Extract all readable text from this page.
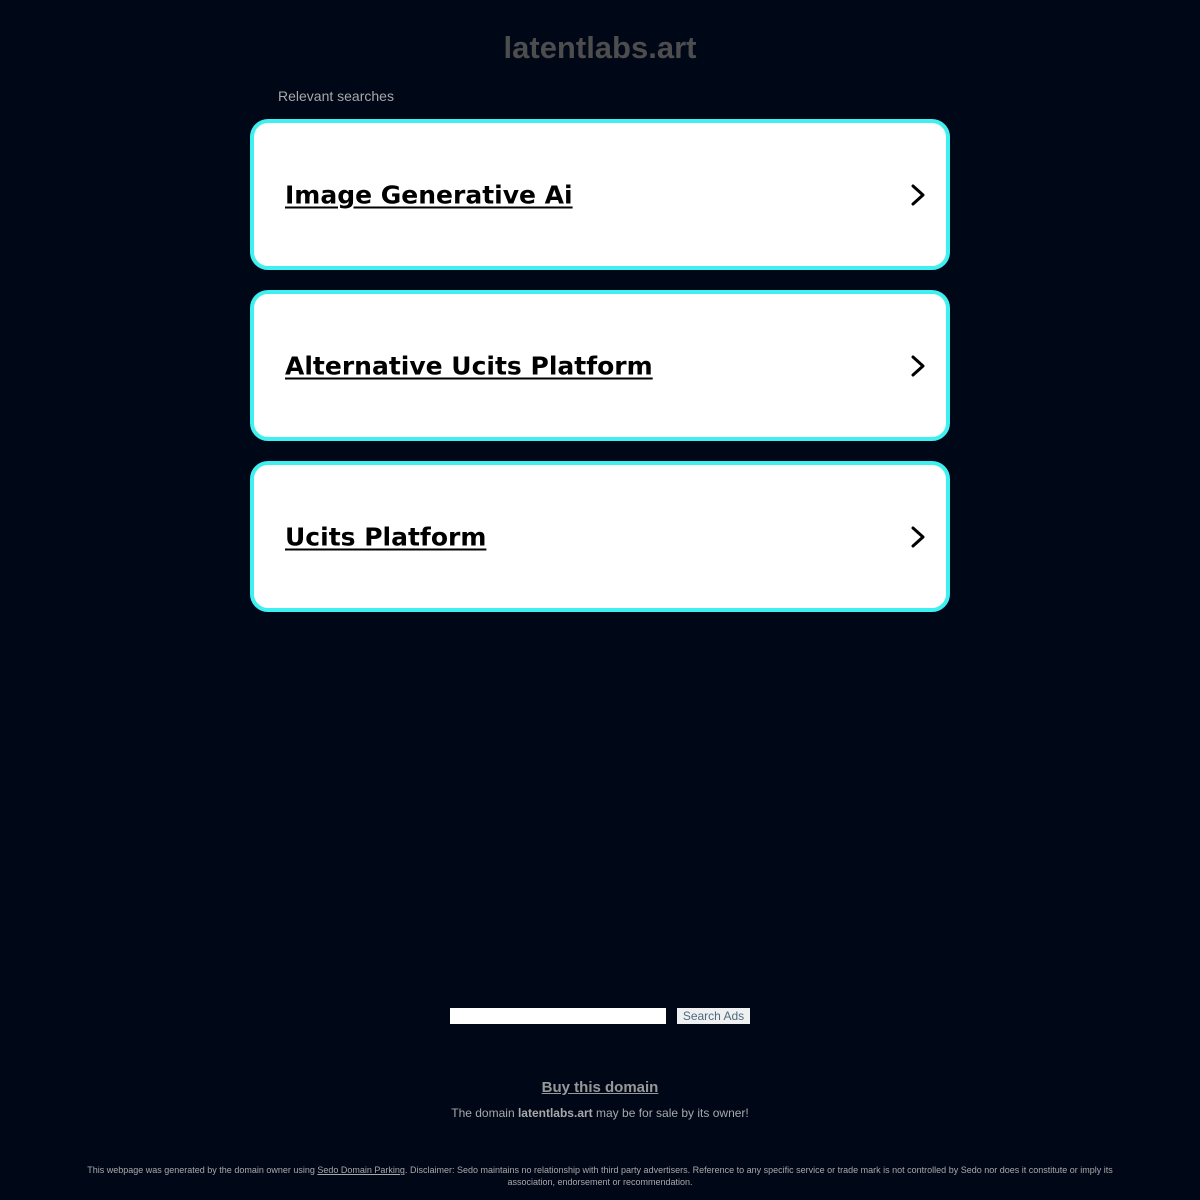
latentlabs.art
Relevant searches
Image Generative Ai
Alternative Ucits Platform
Ucits Platform
Search Ads
Buy this domain
The domain latentlabs.art may be for sale by its owner!
This webpage was generated by the domain owner using Sedo Domain Parking. Disclaimer: Sedo maintains no relationship with third party advertisers. Reference to any specific service or trade mark is not controlled by Sedo nor does it constitute or imply its association, endorsement or recommendation.
